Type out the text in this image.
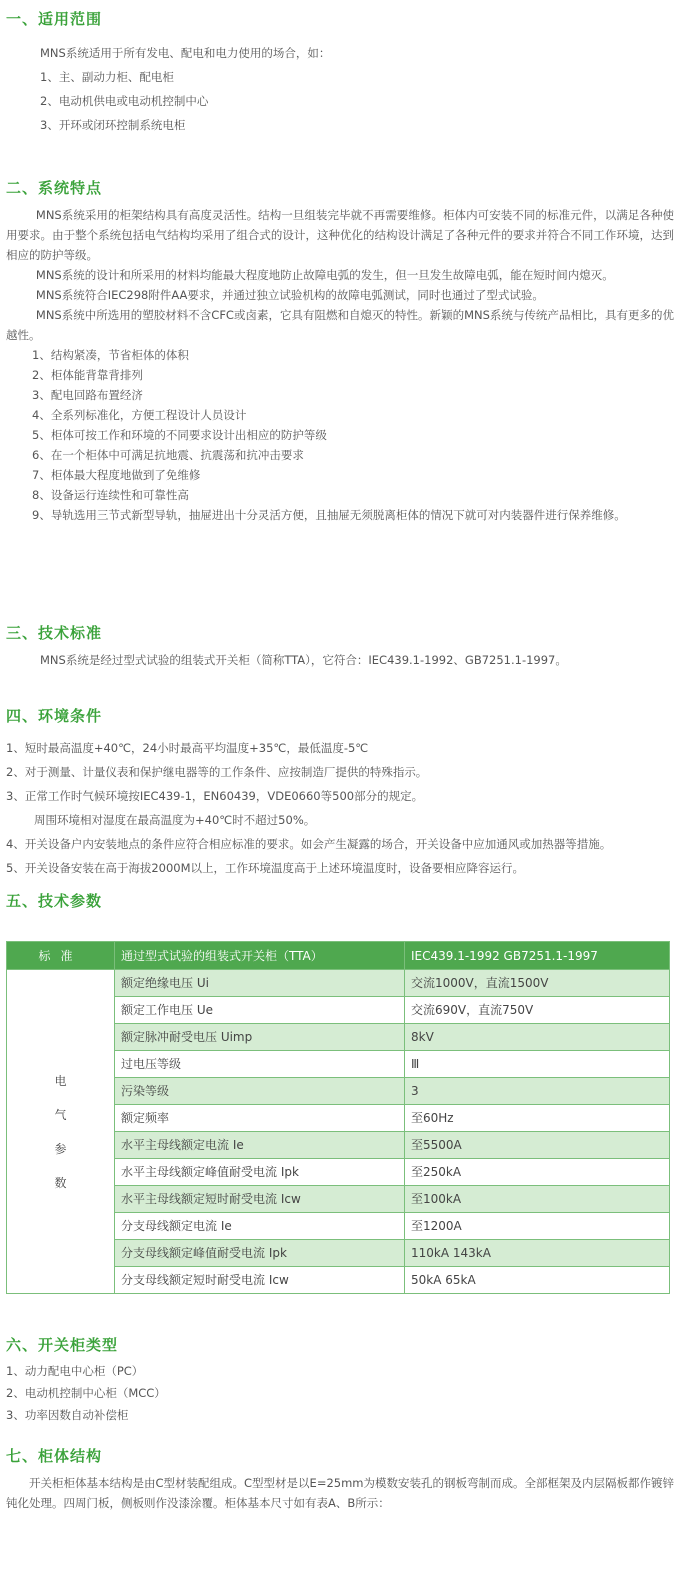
一、适用范围

MNS系统适用于所有发电、配电和电力使用的场合，如：

1、主、副动力柜、配电柜

2、电动机供电或电动机控制中心

3、开环或闭环控制系统电柜

二、系统特点

MNS系统采用的柜架结构具有高度灵活性。结构一旦组装完毕就不再需要维修。柜体内可安装不同的标准元件，以满足各种使用要求。由于整个系统包括电气结构均采用了组合式的设计，这种优化的结构设计满足了各种元件的要求并符合不同工作环境，达到相应的防护等级。

MNS系统的设计和所采用的材料均能最大程度地防止故障电弧的发生，但一旦发生故障电弧，能在短时间内熄灭。

MNS系统符合IEC298附件AA要求，并通过独立试验机构的故障电弧测试，同时也通过了型式试验。

MNS系统中所选用的塑胶材料不含CFC或卤素，它具有阻燃和自熄灭的特性。新颖的MNS系统与传统产品相比，具有更多的优越性。

1、结构紧凑，节省柜体的体积

2、柜体能背靠背排列

3、配电回路布置经济

4、全系列标准化，方便工程设计人员设计

5、柜体可按工作和环境的不同要求设计出相应的防护等级

6、在一个柜体中可满足抗地震、抗震荡和抗冲击要求

7、柜体最大程度地做到了免维修

8、设备运行连续性和可靠性高

9、导轨选用三节式新型导轨，抽屉进出十分灵活方便，且抽屉无须脱离柜体的情况下就可对内装器件进行保养维修。

三、技术标准

MNS系统是经过型式试验的组装式开关柜（简称TTA），它符合：IEC439.1-1992、GB7251.1-1997。

四、环境条件

1、短时最高温度+40℃，24小时最高平均温度+35℃，最低温度-5℃

2、对于测量、计量仪表和保护继电器等的工作条件、应按制造厂提供的特殊指示。

3、正常工作时气候环境按IEC439-1，EN60439，VDE0660等500部分的规定。

周围环境相对湿度在最高温度为+40℃时不超过50%。

4、开关设备户内安装地点的条件应符合相应标准的要求。如会产生凝露的场合，开关设备中应加通风或加热器等措施。

5、开关设备安装在高于海拔2000M以上，工作环境温度高于上述环境温度时，设备要相应降容运行。

五、技术参数
标准	通过型式试验的组装式开关柜（TTA）	IEC439.1-1992 GB7251.1-1997

电
气
参
数	额定绝缘电压 Ui	交流1000V，直流1500V
	额定工作电压 Ue	交流690V，直流750V
	额定脉冲耐受电压 Uimp	8kV
	过电压等级	Ⅲ
	污染等级	3
	额定频率	至60Hz
	水平主母线额定电流 Ie	至5500A
	水平主母线额定峰值耐受电流 Ipk	至250kA
	水平主母线额定短时耐受电流 Icw	至100kA
	分支母线额定电流 Ie	至1200A
	分支母线额定峰值耐受电流 Ipk	110kA 143kA
	分支母线额定短时耐受电流 Icw	50kA 65kA
六、开关柜类型

1、动力配电中心柜（PC）

2、电动机控制中心柜（MCC）

3、功率因数自动补偿柜

七、柜体结构

开关柜柜体基本结构是由C型材装配组成。C型型材是以E=25mm为模数安装孔的钢板弯制而成。全部框架及内层隔板都作镀锌钝化处理。四周门板，侧板则作没漆涂覆。柜体基本尺寸如有表A、B所示：
